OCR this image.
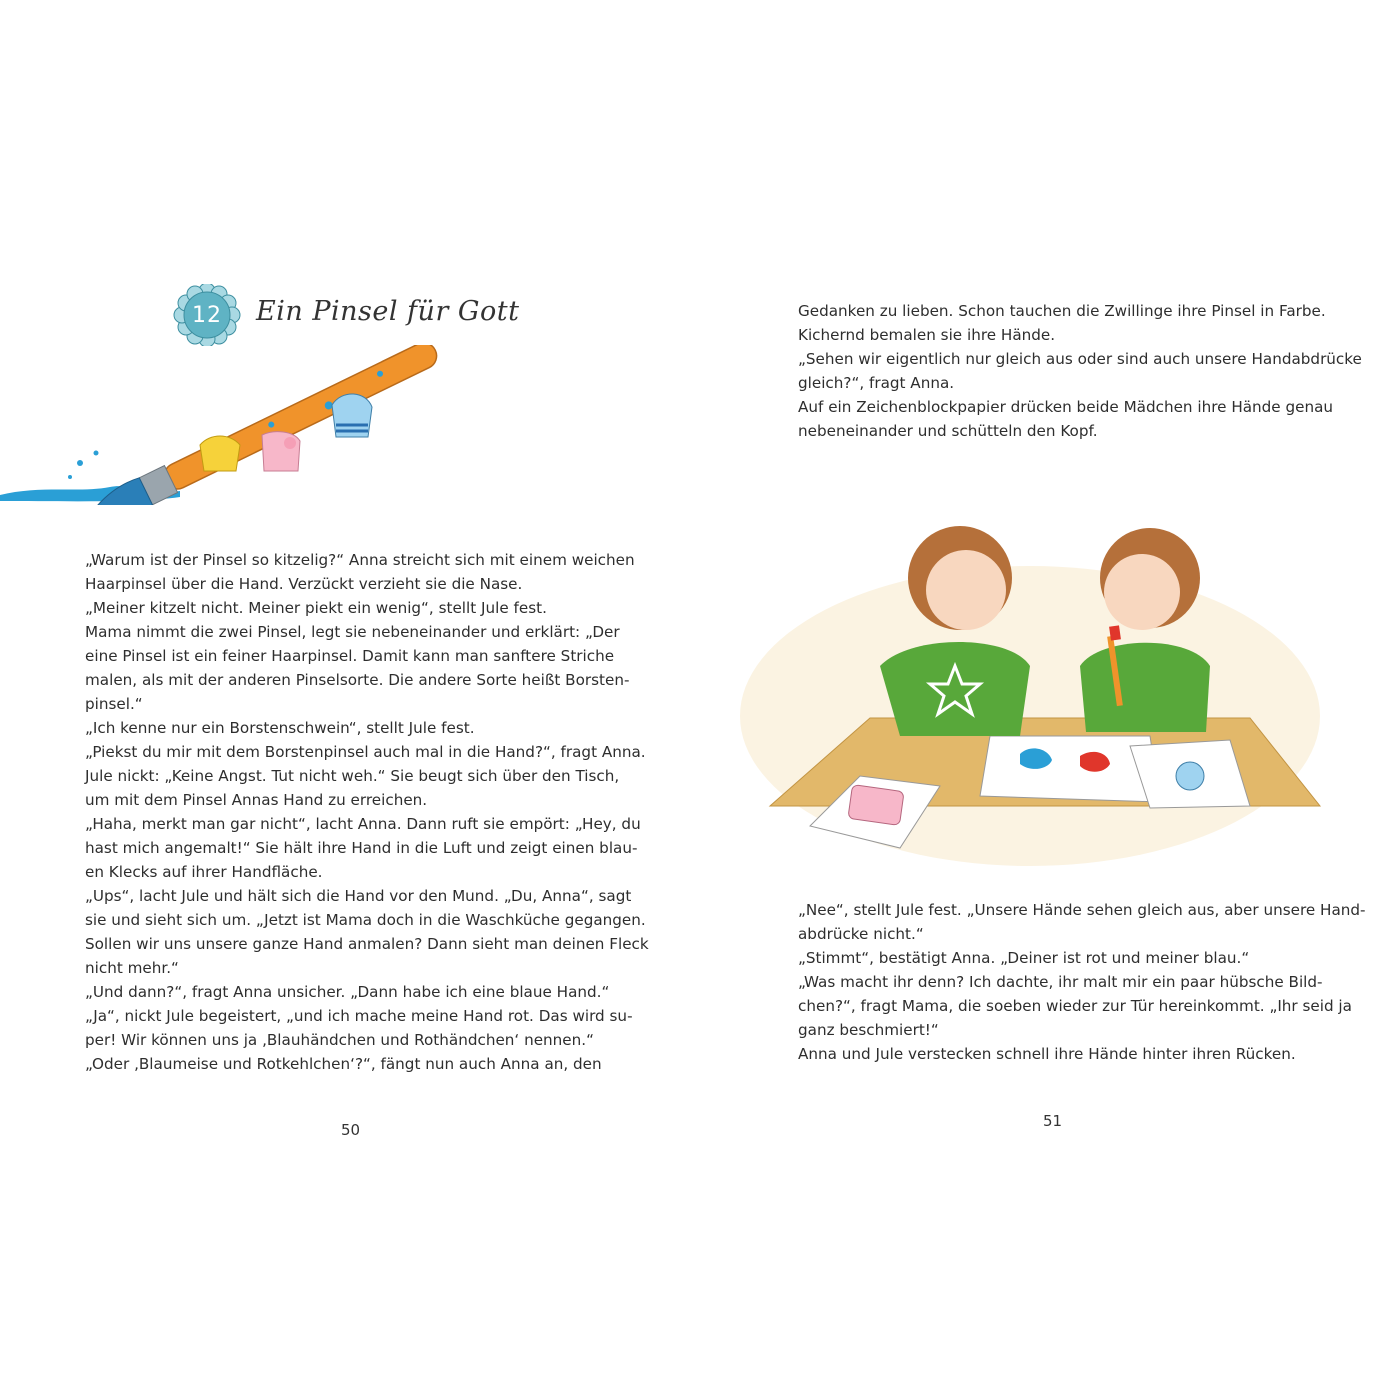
12	Ein Pinsel für Gott
„Warum ist der Pinsel so kitzelig?“ Anna streicht sich mit einem weichen
Haarpinsel über die Hand. Verzückt verzieht sie die Nase.
„Meiner kitzelt nicht. Meiner piekt ein wenig“, stellt Jule fest.
Mama nimmt die zwei Pinsel, legt sie nebeneinander und erklärt: „Der
eine Pinsel ist ein feiner Haarpinsel. Damit kann man sanftere Striche
malen, als mit der anderen Pinselsorte. Die andere Sorte heißt Borsten-
pinsel.“
„Ich kenne nur ein Borstenschwein“, stellt Jule fest.
„Piekst du mir mit dem Borstenpinsel auch mal in die Hand?“, fragt Anna.
Jule nickt: „Keine Angst. Tut nicht weh.“ Sie beugt sich über den Tisch,
um mit dem Pinsel Annas Hand zu erreichen.
„Haha, merkt man gar nicht“, lacht Anna. Dann ruft sie empört: „Hey, du
hast mich angemalt!“ Sie hält ihre Hand in die Luft und zeigt einen blau-
en Klecks auf ihrer Handfläche.
„Ups“, lacht Jule und hält sich die Hand vor den Mund. „Du, Anna“, sagt
sie und sieht sich um. „Jetzt ist Mama doch in die Waschküche gegangen.
Sollen wir uns unsere ganze Hand anmalen? Dann sieht man deinen Fleck
nicht mehr.“
„Und dann?“, fragt Anna unsicher. „Dann habe ich eine blaue Hand.“
„Ja“, nickt Jule begeistert, „und ich mache meine Hand rot. Das wird su-
per! Wir können uns ja ‚Blauhändchen und Rothändchen‘ nennen.“
„Oder ‚Blaumeise und Rotkehlchen‘?“, fängt nun auch Anna an, den
50
Gedanken zu lieben. Schon tauchen die Zwillinge ihre Pinsel in Farbe.
Kichernd bemalen sie ihre Hände.
„Sehen wir eigentlich nur gleich aus oder sind auch unsere Handabdrücke
gleich?“, fragt Anna.
Auf ein Zeichenblockpapier drücken beide Mädchen ihre Hände genau
nebeneinander und schütteln den Kopf.
„Nee“, stellt Jule fest. „Unsere Hände sehen gleich aus, aber unsere Hand-
abdrücke nicht.“
„Stimmt“, bestätigt Anna. „Deiner ist rot und meiner blau.“
„Was macht ihr denn? Ich dachte, ihr malt mir ein paar hübsche Bild-
chen?“, fragt Mama, die soeben wieder zur Tür hereinkommt. „Ihr seid ja
ganz beschmiert!“
Anna und Jule verstecken schnell ihre Hände hinter ihren Rücken.
51
